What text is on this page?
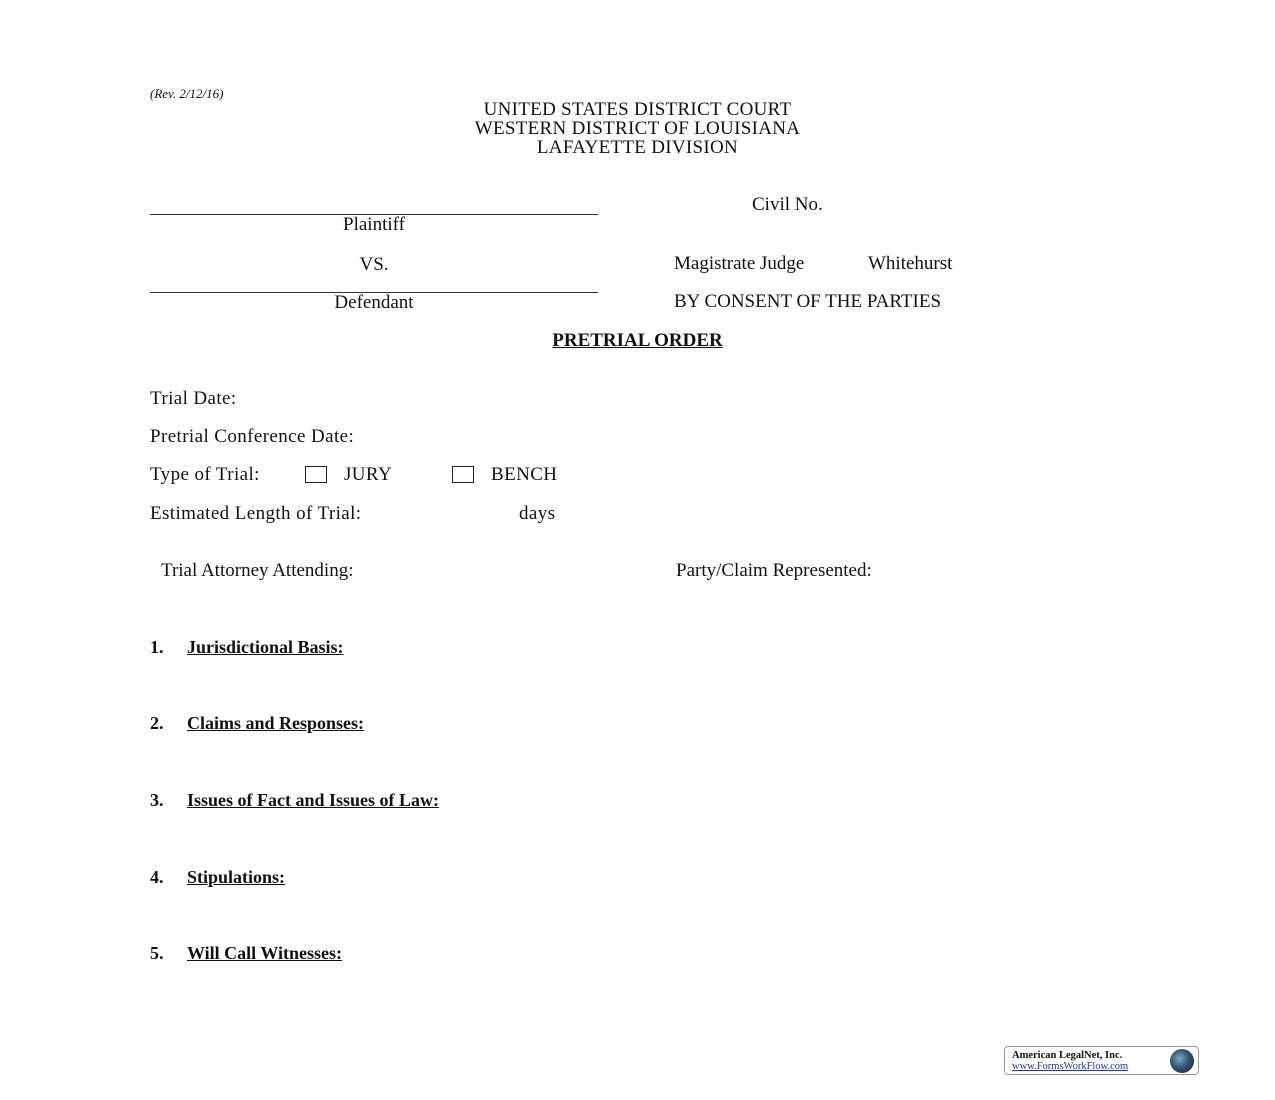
(Rev. 2/12/16)
UNITED STATES DISTRICT COURT
WESTERN DISTRICT OF LOUISIANA
LAFAYETTE DIVISION
Plaintiff
VS.
Defendant
Civil No.
Magistrate Judge	Whitehurst
BY CONSENT OF THE PARTIES
PRETRIAL ORDER
Trial Date:
Pretrial Conference Date:
Type of Trial:	JURY	BENCH
Estimated Length of Trial:	days
Trial Attorney Attending:	Party/Claim Represented:
1. Jurisdictional Basis:
2. Claims and Responses:
3. Issues of Fact and Issues of Law:
4. Stipulations:
5. Will Call Witnesses:
American LegalNet, Inc.
www.FormsWorkFlow.com
